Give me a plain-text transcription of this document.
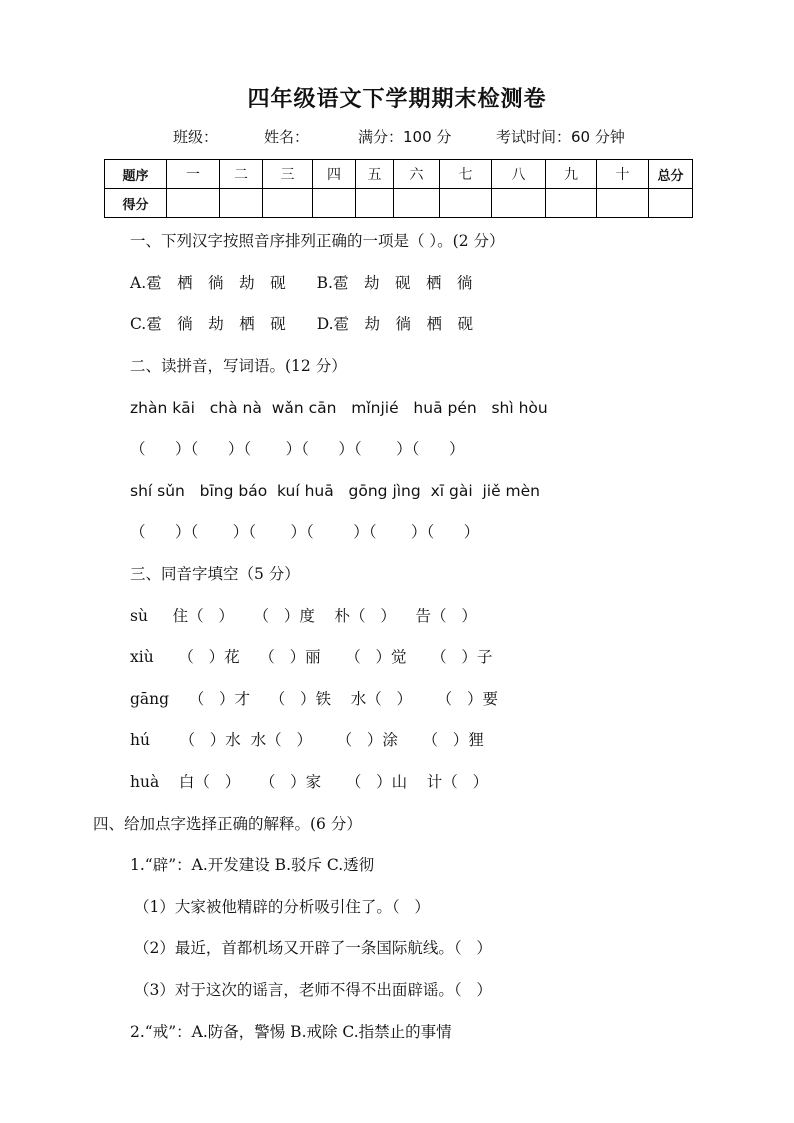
四年级语文下学期期末检测卷
班级：	姓名：	满分：100 分	考试时间：60 分钟
题序	一	二	三	四	五	六	七	八	九	十	总分
得分											
一、下列汉字按照音序排列正确的一项是（ ）。(2 分）
A.雹　栖　徜　劫　砚　　B.雹　劫　砚　栖　徜
C.雹　徜　劫　栖　砚　　D.雹　劫　徜　栖　砚
二、读拼音，写词语。(12 分）
zhàn kāi   chà nà  wǎn cān   mǐnjié   huā pén   shì hòu
（      ）（      ）（       ）（      ）（       ）（      ）
shí sǔn   bīng báo  kuí huā   gōng jìng  xī gài  jiě mèn
（      ）（       ）（       ）（        ）（       ）（      ）
三、同音字填空（5 分）
sù     住（   ）    （   ）度    朴（   ）    告（   ）
xiù     （   ）花    （   ）丽     （   ）觉     （   ）子
gāng    （   ）才    （   ）铁    水（   ）     （   ）要
hú      （   ）水  水（   ）     （   ）涂     （   ）狸
huà    白（   ）    （   ）家     （   ）山    计（   ）
四、给加点字选择正确的解释。(6 分）
1.“辟”：A.开发建设 B.驳斥 C.透彻
（1）大家被他精辟的分析吸引住了。（   ）
（2）最近，首都机场又开辟了一条国际航线。（   ）
（3）对于这次的谣言，老师不得不出面辟谣。（   ）
2.“戒”：A.防备，警惕 B.戒除 C.指禁止的事情
